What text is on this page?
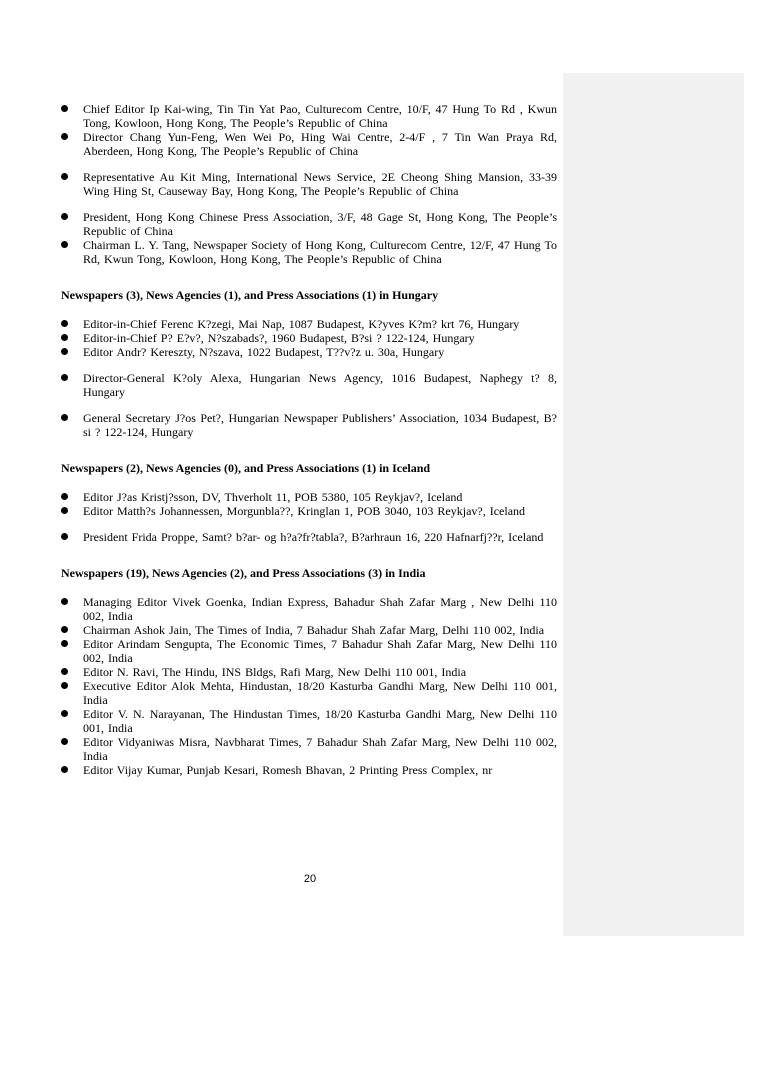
Chief Editor Ip Kai-wing, Tin Tin Yat Pao, Culturecom Centre, 10/F, 47 Hung To Rd , Kwun Tong, Kowloon, Hong Kong, The People’s Republic of China
Director Chang Yun-Feng, Wen Wei Po, Hing Wai Centre, 2-4/F , 7 Tin Wan Praya Rd, Aberdeen, Hong Kong, The People’s Republic of China
Representative Au Kit Ming, International News Service, 2E Cheong Shing Mansion, 33-39 Wing Hing St, Causeway Bay, Hong Kong, The People’s Republic of China
President, Hong Kong Chinese Press Association, 3/F, 48 Gage St, Hong Kong, The People’s Republic of China
Chairman L. Y. Tang, Newspaper Society of Hong Kong, Culturecom Centre, 12/F, 47 Hung To Rd, Kwun Tong, Kowloon, Hong Kong, The People’s Republic of China
Newspapers (3), News Agencies (1), and Press Associations (1) in Hungary
Editor-in-Chief Ferenc K?zegi, Mai Nap, 1087 Budapest, K?yves K?m? krt 76, Hungary
Editor-in-Chief P? E?v?, N?szabads?, 1960 Budapest, B?si ? 122-124, Hungary
Editor Andr? Kereszty, N?szava, 1022 Budapest, T??v?z u. 30a, Hungary
Director-General K?oly Alexa, Hungarian News Agency, 1016 Budapest, Naphegy t? 8, Hungary
General Secretary J?os Pet?, Hungarian Newspaper Publishers’ Association, 1034 Budapest, B?si ? 122-124, Hungary
Newspapers (2), News Agencies (0), and Press Associations (1) in Iceland
Editor J?as Kristj?sson, DV, Thverholt 11, POB 5380, 105 Reykjav?, Iceland
Editor Matth?s Johannessen, Morgunbla??, Kringlan 1, POB 3040, 103 Reykjav?, Iceland
President Frida Proppe, Samt? b?ar- og h?a?fr?tabla?, B?arhraun 16, 220 Hafnarfj??r, Iceland
Newspapers (19), News Agencies (2), and Press Associations (3) in India
Managing Editor Vivek Goenka, Indian Express, Bahadur Shah Zafar Marg , New Delhi 110 002, India
Chairman Ashok Jain, The Times of India, 7 Bahadur Shah Zafar Marg, Delhi 110 002, India
Editor Arindam Sengupta, The Economic Times, 7 Bahadur Shah Zafar Marg, New Delhi 110 002, India
Editor N. Ravi, The Hindu, INS Bldgs, Rafi Marg, New Delhi 110 001, India
Executive Editor Alok Mehta, Hindustan, 18/20 Kasturba Gandhi Marg, New Delhi 110 001, India
Editor V. N. Narayanan, The Hindustan Times, 18/20 Kasturba Gandhi Marg, New Delhi 110 001, India
Editor Vidyaniwas Misra, Navbharat Times, 7 Bahadur Shah Zafar Marg, New Delhi 110 002, India
Editor Vijay Kumar, Punjab Kesari, Romesh Bhavan, 2 Printing Press Complex, nr
20
